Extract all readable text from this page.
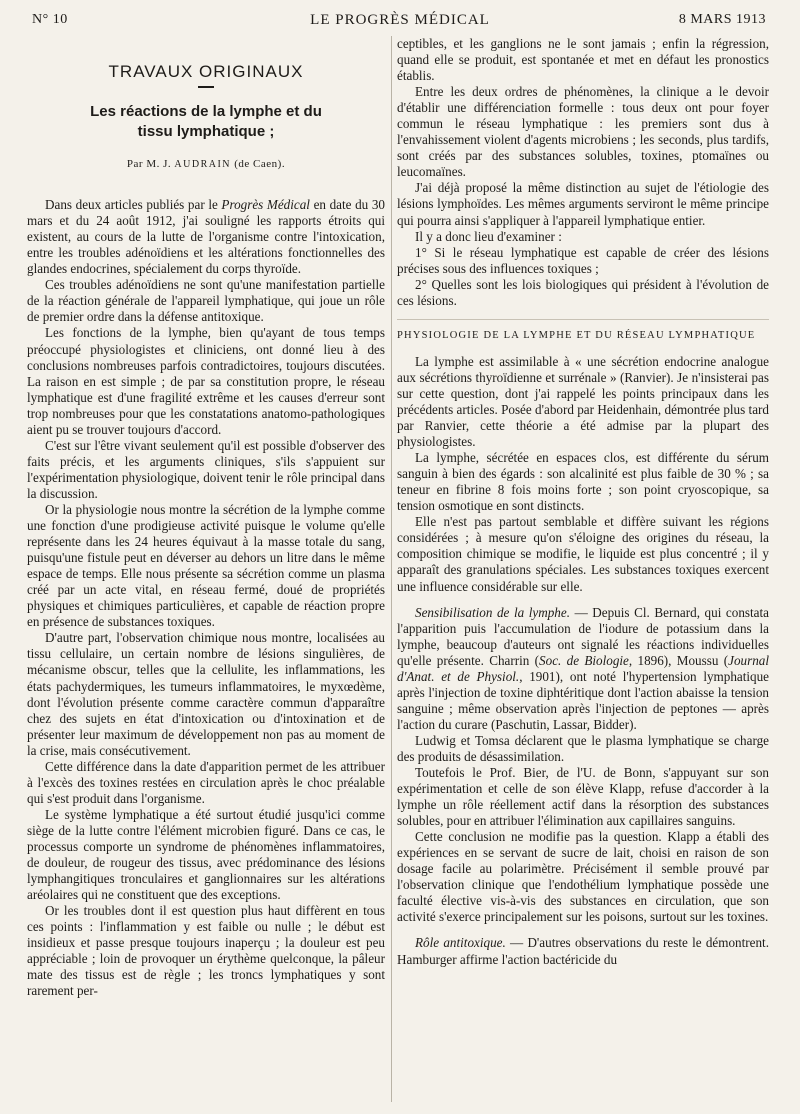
N° 10	LE PROGRÈS MÉDICAL	8 MARS 1913
TRAVAUX ORIGINAUX
Les réactions de la lymphe et du
tissu lymphatique ;
Par M. J. AUDRAIN (de Caen).

Dans deux articles publiés par le Progrès Médical en date du 30 mars et du 24 août 1912, j'ai souligné les rapports étroits qui existent, au cours de la lutte de l'organisme contre l'intoxication, entre les troubles adénoïdiens et les altérations fonctionnelles des glandes endocrines, spécialement du corps thyroïde.

Ces troubles adénoïdiens ne sont qu'une manifestation partielle de la réaction générale de l'appareil lymphatique, qui joue un rôle de premier ordre dans la défense antitoxique.

Les fonctions de la lymphe, bien qu'ayant de tous temps préoccupé physiologistes et cliniciens, ont donné lieu à des conclusions nombreuses parfois contradictoires, toujours discutées. La raison en est simple ; de par sa constitution propre, le réseau lymphatique est d'une fragilité extrême et les causes d'erreur sont trop nombreuses pour que les constatations anatomo-pathologiques aient pu se trouver toujours d'accord.

C'est sur l'être vivant seulement qu'il est possible d'observer des faits précis, et les arguments cliniques, s'ils s'appuient sur l'expérimentation physiologique, doivent tenir le rôle principal dans la discussion.

Or la physiologie nous montre la sécrétion de la lymphe comme une fonction d'une prodigieuse activité puisque le volume qu'elle représente dans les 24 heures équivaut à la masse totale du sang, puisqu'une fistule peut en déverser au dehors un litre dans le même espace de temps. Elle nous présente sa sécrétion comme un plasma créé par un acte vital, en réseau fermé, doué de propriétés physiques et chimiques particulières, et capable de réaction propre en présence de substances toxiques.

D'autre part, l'observation chimique nous montre, localisées au tissu cellulaire, un certain nombre de lésions singulières, de mécanisme obscur, telles que la cellulite, les inflammations, les états pachydermiques, les tumeurs inflammatoires, le myxœdème, dont l'évolution présente comme caractère commun d'apparaître chez des sujets en état d'intoxication ou d'intoxination et de présenter leur maximum de développement non pas au moment de la crise, mais consécutivement.

Cette différence dans la date d'apparition permet de les attribuer à l'excès des toxines restées en circulation après le choc préalable qui s'est produit dans l'organisme.

Le système lymphatique a été surtout étudié jusqu'ici comme siège de la lutte contre l'élément microbien figuré. Dans ce cas, le processus comporte un syndrome de phénomènes inflammatoires, de douleur, de rougeur des tissus, avec prédominance des lésions lymphangitiques tronculaires et ganglionnaires sur les altérations aréolaires qui ne constituent que des exceptions.

Or les troubles dont il est question plus haut diffèrent en tous ces points : l'inflammation y est faible ou nulle ; le début est insidieux et passe presque toujours inaperçu ; la douleur est peu appréciable ; loin de provoquer un érythème quelconque, la pâleur mate des tissus est de règle ; les troncs lymphatiques y sont rarement per-

ceptibles, et les ganglions ne le sont jamais ; enfin la régression, quand elle se produit, est spontanée et met en défaut les pronostics établis.

Entre les deux ordres de phénomènes, la clinique a le devoir d'établir une différenciation formelle : tous deux ont pour foyer commun le réseau lymphatique : les premiers sont dus à l'envahissement violent d'agents microbiens ; les seconds, plus tardifs, sont créés par des substances solubles, toxines, ptomaïnes ou leucomaïnes.

J'ai déjà proposé la même distinction au sujet de l'étiologie des lésions lymphoïdes. Les mêmes arguments serviront le même principe qui pourra ainsi s'appliquer à l'appareil lymphatique entier.

Il y a donc lieu d'examiner :

1° Si le réseau lymphatique est capable de créer des lésions précises sous des influences toxiques ;

2° Quelles sont les lois biologiques qui président à l'évolution de ces lésions.

PHYSIOLOGIE DE LA LYMPHE ET DU RÉSEAU LYMPHATIQUE

La lymphe est assimilable à « une sécrétion endocrine analogue aux sécrétions thyroïdienne et surrénale » (Ranvier). Je n'insisterai pas sur cette question, dont j'ai rappelé les points principaux dans les précédents articles. Posée d'abord par Heidenhain, démontrée plus tard par Ranvier, cette théorie a été admise par la plupart des physiologistes.

La lymphe, sécrétée en espaces clos, est différente du sérum sanguin à bien des égards : son alcalinité est plus faible de 30 % ; sa teneur en fibrine 8 fois moins forte ; son point cryoscopique, sa tension osmotique en sont distincts.

Elle n'est pas partout semblable et diffère suivant les régions considérées ; à mesure qu'on s'éloigne des origines du réseau, la composition chimique se modifie, le liquide est plus concentré ; il y apparaît des granulations spéciales. Les substances toxiques exercent une influence considérable sur elle.

Sensibilisation de la lymphe. — Depuis Cl. Bernard, qui constata l'apparition puis l'accumulation de l'iodure de potassium dans la lymphe, beaucoup d'auteurs ont signalé les réactions individuelles qu'elle présente. Charrin (Soc. de Biologie, 1896), Moussu (Journal d'Anat. et de Physiol., 1901), ont noté l'hypertension lymphatique après l'injection de toxine diphtéritique dont l'action abaisse la tension sanguine ; même observation après l'injection de peptones — après l'action du curare (Paschutin, Lassar, Bidder).

Ludwig et Tomsa déclarent que le plasma lymphatique se charge des produits de désassimilation.

Toutefois le Prof. Bier, de l'U. de Bonn, s'appuyant sur son expérimentation et celle de son élève Klapp, refuse d'accorder à la lymphe un rôle réellement actif dans la résorption des substances solubles, pour en attribuer l'élimination aux capillaires sanguins.

Cette conclusion ne modifie pas la question. Klapp a établi des expériences en se servant de sucre de lait, choisi en raison de son dosage facile au polarimètre. Précisément il semble prouvé par l'observation clinique que l'endothélium lymphatique possède une faculté élective vis-à-vis des substances en circulation, que son activité s'exerce principalement sur les poisons, surtout sur les toxines.

Rôle antitoxique. — D'autres observations du reste le démontrent. Hamburger affirme l'action bactéricide du
